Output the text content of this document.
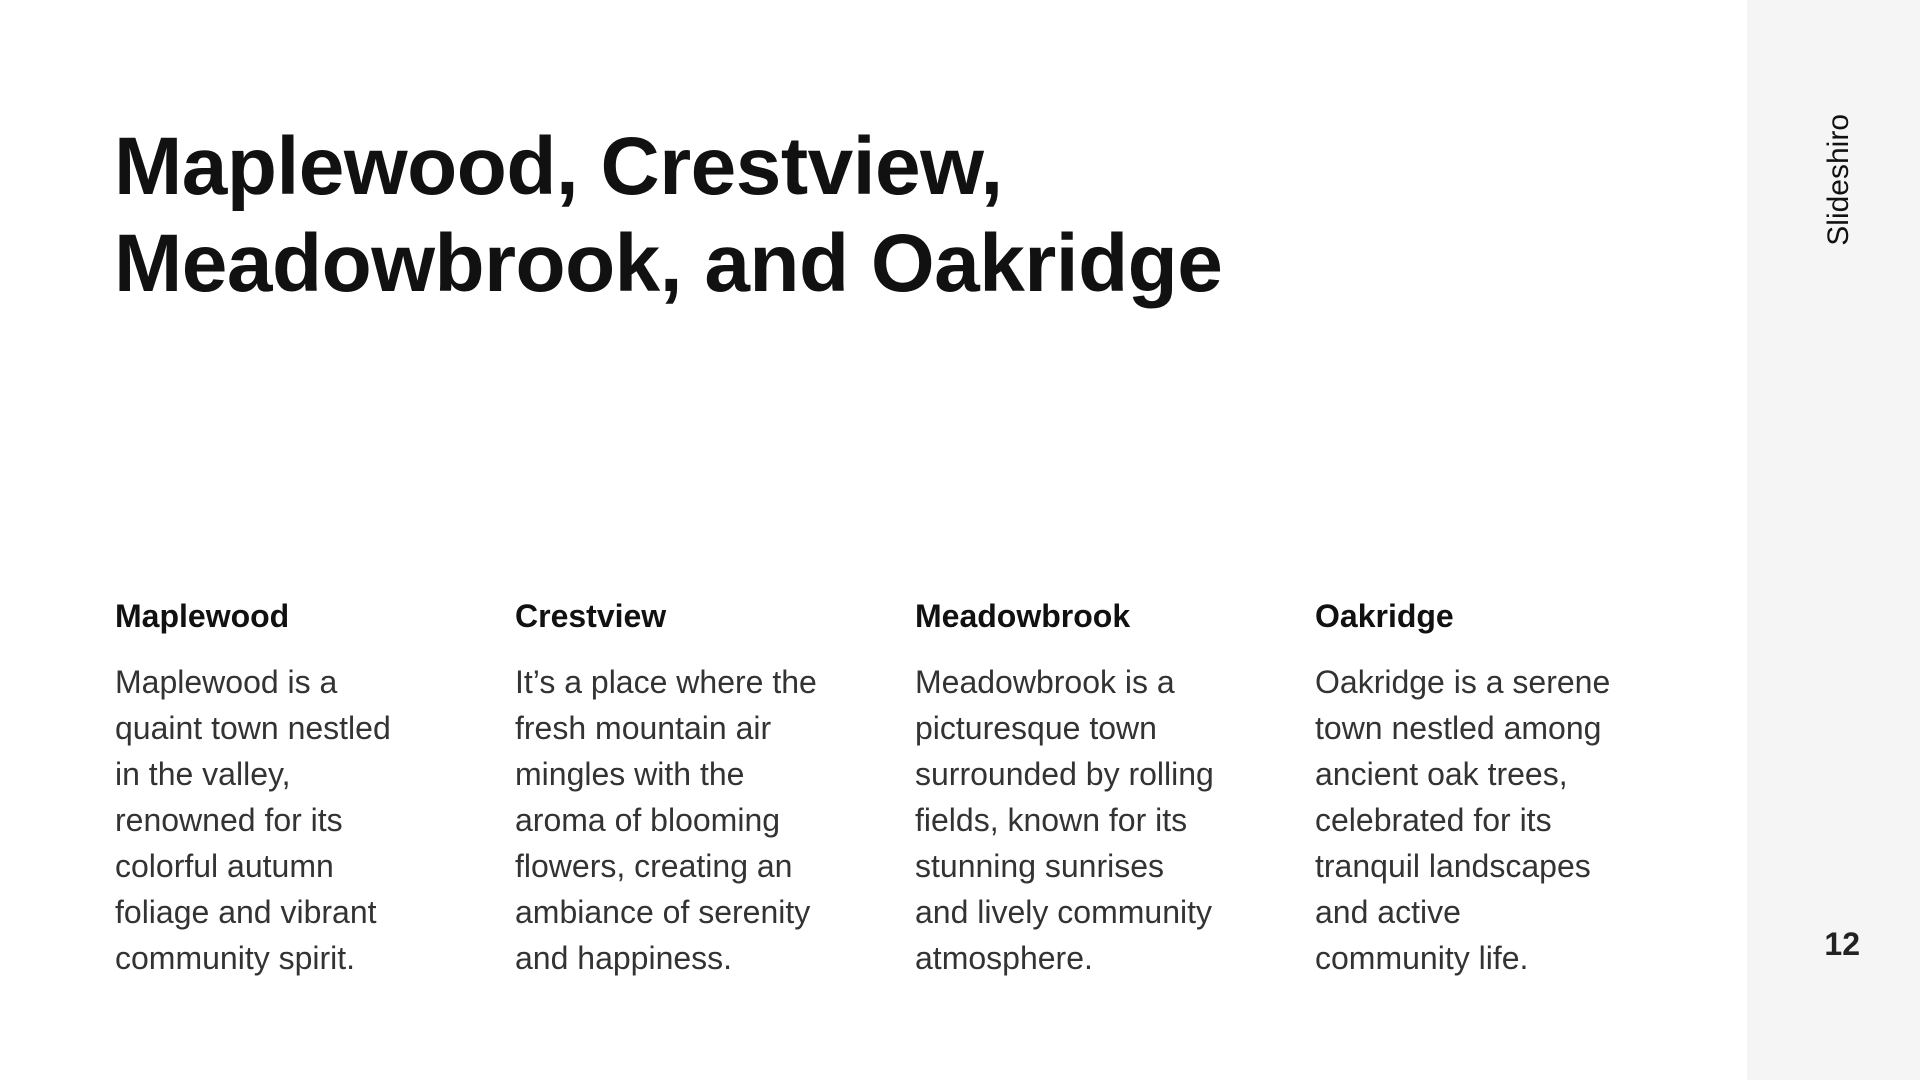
Maplewood, Crestview,
Meadowbrook, and Oakridge
Maplewood

Maplewood is a
quaint town nestled
in the valley,
renowned for its
colorful autumn
foliage and vibrant
community spirit.

Crestview

It’s a place where the
fresh mountain air
mingles with the
aroma of blooming
flowers, creating an
ambiance of serenity
and happiness.

Meadowbrook

Meadowbrook is a
picturesque town
surrounded by rolling
fields, known for its
stunning sunrises
and lively community
atmosphere.

Oakridge

Oakridge is a serene
town nestled among
ancient oak trees,
celebrated for its
tranquil landscapes
and active
community life.

Slideshiro
12
